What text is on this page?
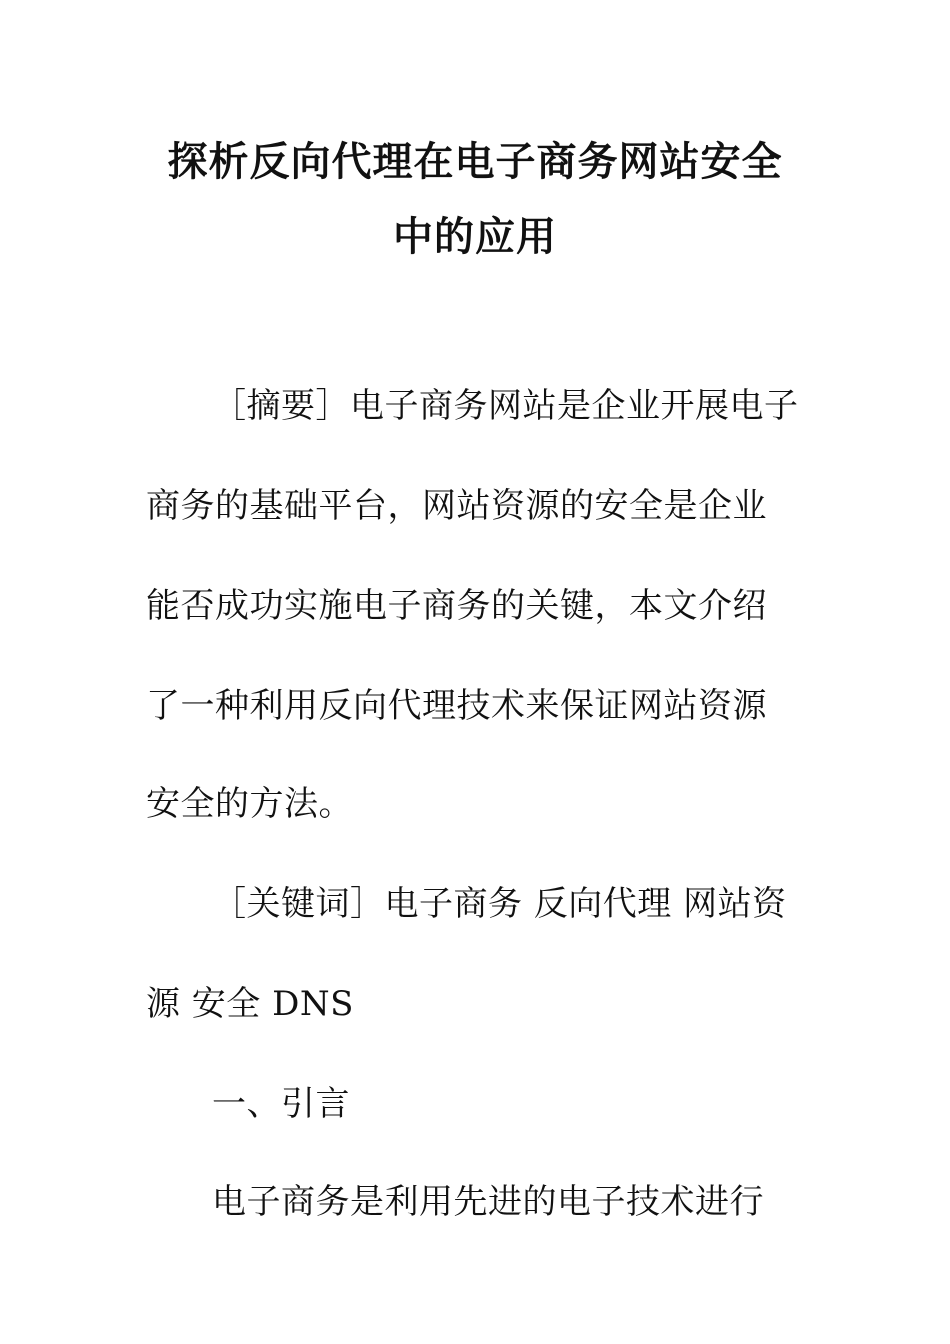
探析反向代理在电子商务网站安全
中的应用

［摘要］电子商务网站是企业开展电子

商务的基础平台，网站资源的安全是企业

能否成功实施电子商务的关键，本文介绍

了一种利用反向代理技术来保证网站资源

安全的方法。

［关键词］电子商务 反向代理 网站资

源 安全 DNS

一、引言

电子商务是利用先进的电子技术进行
